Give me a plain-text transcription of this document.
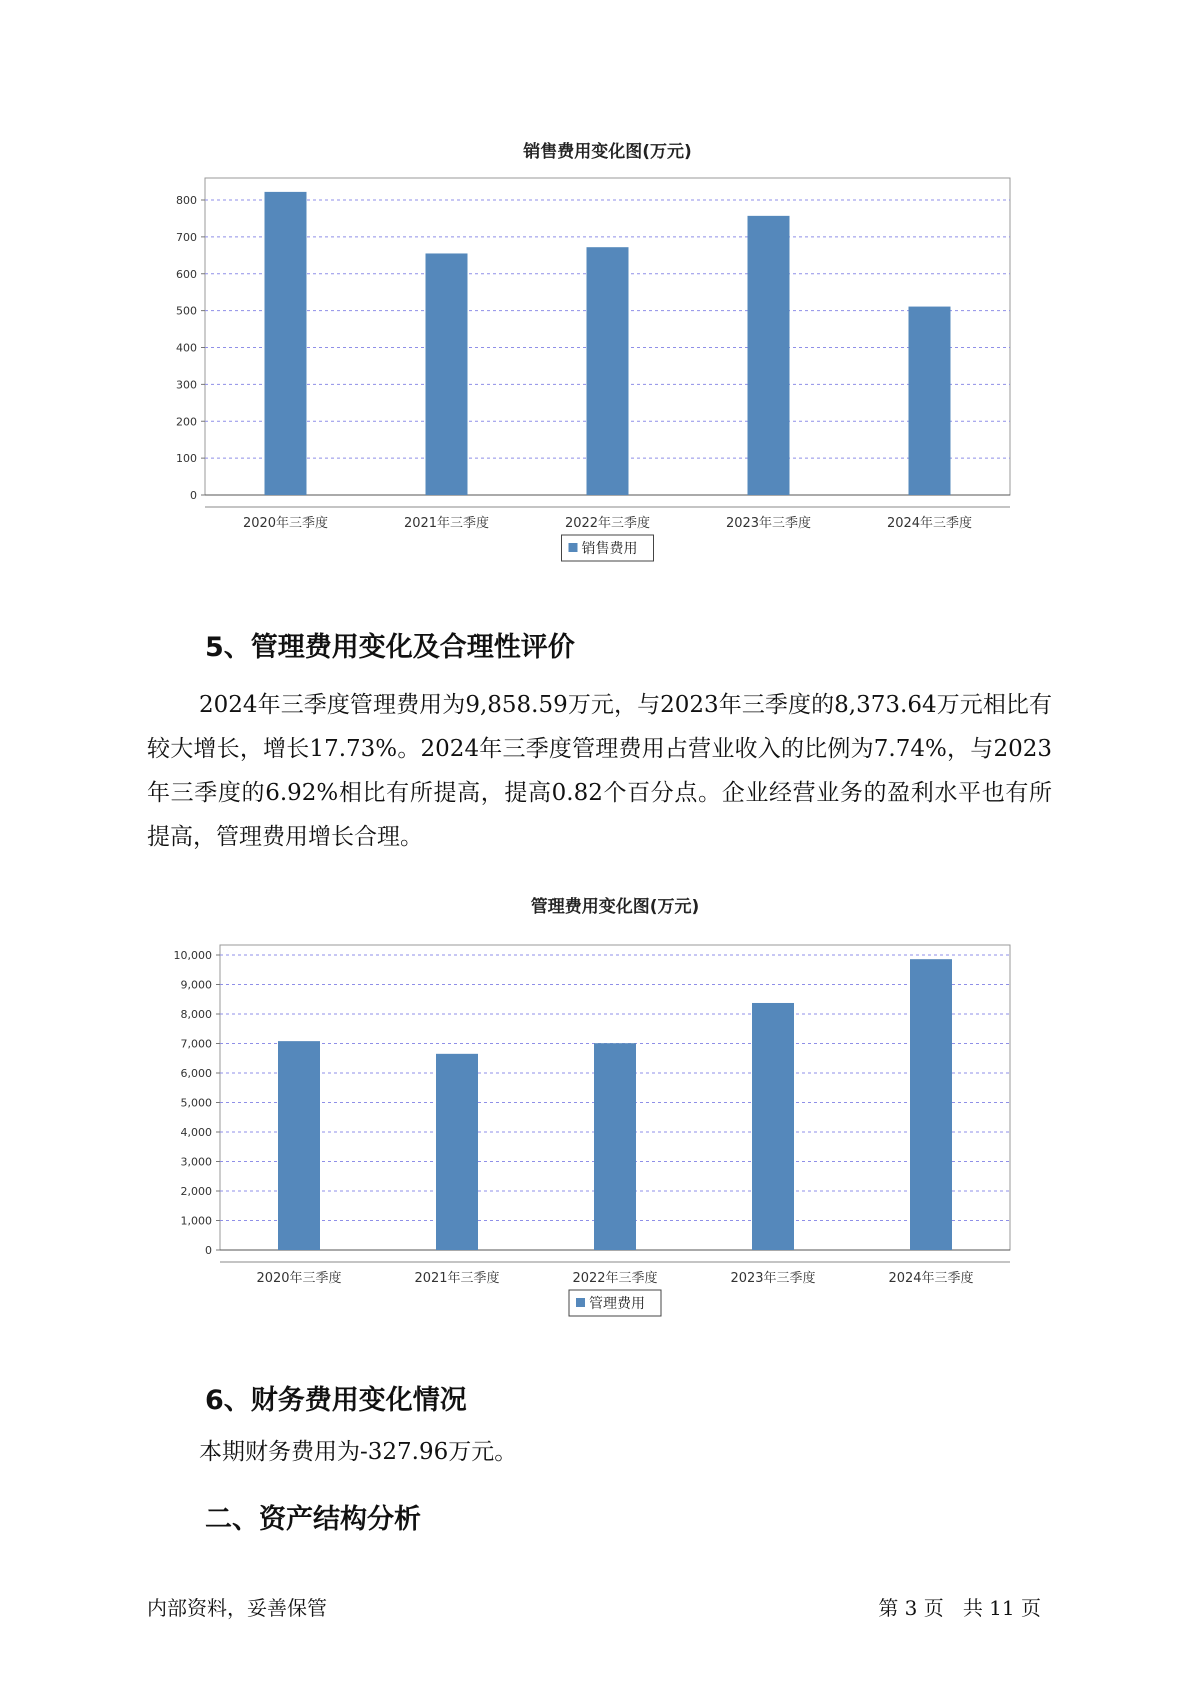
销售费用变化图(万元)
0
100
200
300
400
500
600
700
800
2020年三季度	2021年三季度	2022年三季度	2023年三季度	2024年三季度
销售费用
5、管理费用变化及合理性评价

2024年三季度管理费用为9,858.59万元，与2023年三季度的8,373.64万元相比有较大增长，增长17.73%。2024年三季度管理费用占营业收入的比例为7.74%，与2023年三季度的6.92%相比有所提高，提高0.82个百分点。企业经营业务的盈利水平也有所提高，管理费用增长合理。

管理费用变化图(万元)
0
1,000
2,000
3,000
4,000
5,000
6,000
7,000
8,000
9,000
10,000
2020年三季度	2021年三季度	2022年三季度	2023年三季度	2024年三季度
管理费用
6、财务费用变化情况

本期财务费用为-327.96万元。

二、资产结构分析
内部资料，妥善保管	第 3 页   共 11 页
